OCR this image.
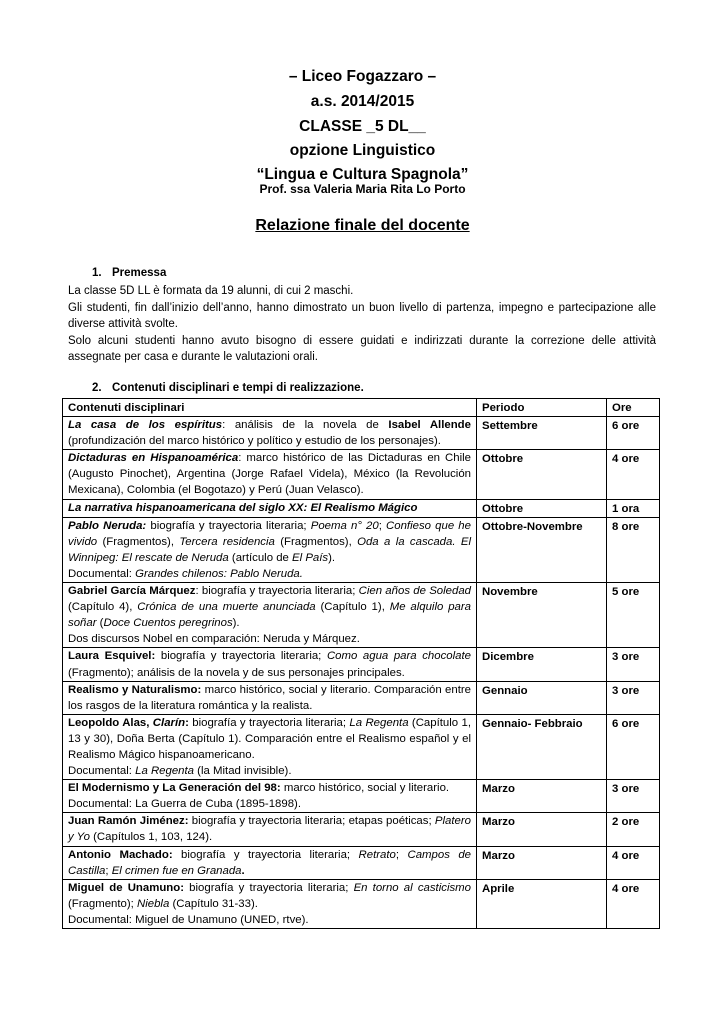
– Liceo Fogazzaro –
a.s. 2014/2015
CLASSE _5 DL__
opzione Linguistico
“Lingua e Cultura Spagnola”
Prof. ssa Valeria Maria Rita Lo Porto
Relazione finale del docente
1. Premessa

La classe 5D LL è formata da 19 alunni, di cui 2 maschi.

Gli studenti, fin dall’inizio dell’anno, hanno dimostrato un buon livello di partenza, impegno e partecipazione alle diverse attività svolte.

Solo alcuni studenti hanno avuto bisogno di essere guidati e indirizzati durante la correzione delle attività assegnate per casa e durante le valutazioni orali.

2. Contenuti disciplinari e tempi di realizzazione.
Contenuti disciplinari	Periodo	Ore

La casa de los espíritus: análisis de la novela de Isabel Allende (profundización del marco histórico y político y estudio de los personajes).	Settembre	6 ore

Dictaduras en Hispanoamérica: marco histórico de las Dictaduras en Chile (Augusto Pinochet), Argentina (Jorge Rafael Videla), México (la Revolución Mexicana), Colombia (el Bogotazo) y Perú (Juan Velasco).	Ottobre	4 ore

La narrativa hispanoamericana del siglo XX: El Realismo Mágico	Ottobre	1 ora

Pablo Neruda: biografía y trayectoria literaria; Poema n° 20; Confieso que he vivido (Fragmentos), Tercera residencia (Fragmentos), Oda a la cascada. El Winnipeg: El rescate de Neruda (artículo de El País).
Documental: Grandes chilenos: Pablo Neruda.	Ottobre-Novembre	8 ore

Gabriel García Márquez: biografía y trayectoria literaria; Cien años de Soledad (Capítulo 4), Crónica de una muerte anunciada (Capítulo 1), Me alquilo para soñar (Doce Cuentos peregrinos).
Dos discursos Nobel en comparación: Neruda y Márquez.	Novembre	5 ore

Laura Esquivel: biografía y trayectoria literaria; Como agua para chocolate (Fragmento); análisis de la novela y de sus personajes principales.	Dicembre	3 ore

Realismo y Naturalismo: marco histórico, social y literario. Comparación entre los rasgos de la literatura romántica y la realista.	Gennaio	3 ore

Leopoldo Alas, Clarín: biografía y trayectoria literaria; La Regenta (Capítulo 1, 13 y 30), Doña Berta (Capítulo 1). Comparación entre el Realismo español y el Realismo Mágico hispanoamericano.
Documental: La Regenta (la Mitad invisible).	Gennaio- Febbraio	6 ore

El Modernismo y La Generación del 98: marco histórico, social y literario.
Documental: La Guerra de Cuba (1895-1898).	Marzo	3 ore

Juan Ramón Jiménez: biografía y trayectoria literaria; etapas poéticas; Platero y Yo (Capítulos 1, 103, 124).	Marzo	2 ore

Antonio Machado: biografía y trayectoria literaria; Retrato; Campos de Castilla; El crimen fue en Granada.	Marzo	4 ore

Miguel de Unamuno: biografía y trayectoria literaria; En torno al casticismo (Fragmento); Niebla (Capítulo 31-33).
Documental: Miguel de Unamuno (UNED, rtve).	Aprile	4 ore
